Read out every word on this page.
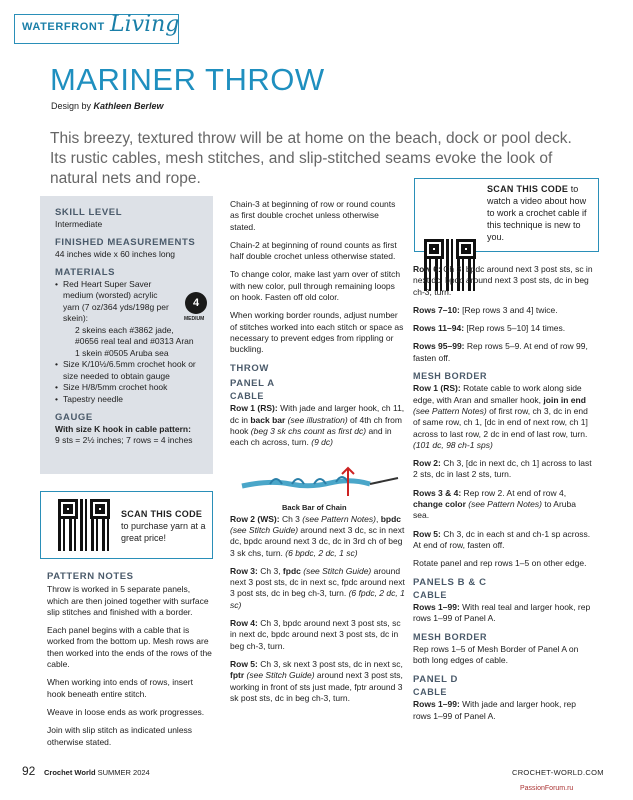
WATERFRONT Living
MARINER THROW
Design by Kathleen Berlew
This breezy, textured throw will be at home on the beach, dock or pool deck. Its rustic cables, mesh stitches, and slip-stitched seams evoke the look of natural nets and rope.
SKILL LEVEL
Intermediate
FINISHED MEASUREMENTS
44 inches wide x 60 inches long
MATERIALS
• Red Heart Super Saver medium (worsted) acrylic yarn (7 oz/364 yds/198g per skein):
2 skeins each #3862 jade, #0656 real teal and #0313 Aran
1 skein #0505 Aruba sea
• Size K/10½/6.5mm crochet hook or size needed to obtain gauge
• Size H/8/5mm crochet hook
• Tapestry needle
GAUGE
With size K hook in cable pattern:
9 sts = 2½ inches; 7 rows = 4 inches
4
MEDIUM
SCAN THIS CODE
to purchase yarn at a great price!
PATTERN NOTES

Throw is worked in 5 separate panels, which are then joined together with surface slip stitches and finished with a border.

Each panel begins with a cable that is worked from the bottom up. Mesh rows are then worked into the ends of the rows of the cable.

When working into ends of rows, insert hook beneath entire stitch.

Weave in loose ends as work progresses.

Join with slip stitch as indicated unless otherwise stated.

Chain-3 at beginning of row or round counts as first double crochet unless otherwise stated.

Chain-2 at beginning of round counts as first half double crochet unless otherwise stated.

To change color, make last yarn over of stitch with new color, pull through remaining loops on hook. Fasten off old color.

When working border rounds, adjust number of stitches worked into each stitch or space as necessary to prevent edges from rippling or buckling.

THROW
PANEL A
CABLE

Row 1 (RS): With jade and larger hook, ch 11, dc in back bar (see illustration) of 4th ch from hook (beg 3 sk chs count as first dc) and in each ch across, turn. (9 dc)

Back Bar of Chain

Row 2 (WS): Ch 3 (see Pattern Notes), bpdc (see Stitch Guide) around next 3 dc, sc in next dc, bpdc around next 3 dc, dc in 3rd ch of beg 3 sk chs, turn. (6 bpdc, 2 dc, 1 sc)

Row 3: Ch 3, fpdc (see Stitch Guide) around next 3 post sts, dc in next sc, fpdc around next 3 post sts, dc in beg ch-3, turn. (6 fpdc, 2 dc, 1 sc)

Row 4: Ch 3, bpdc around next 3 post sts, sc in next dc, bpdc around next 3 post sts, dc in beg ch-3, turn.

Row 5: Ch 3, sk next 3 post sts, dc in next sc, fptr (see Stitch Guide) around next 3 post sts, working in front of sts just made, fptr around 3 sk post sts, dc in beg ch-3, turn.

SCAN THIS CODE to watch a video about how to work a crochet cable if this technique is new to you.

Row 6: Ch 3, bpdc around next 3 post sts, sc in next dc, bpdc around next 3 post sts, dc in beg ch-3, turn.

Rows 7–10: [Rep rows 3 and 4] twice.

Rows 11–94: [Rep rows 5–10] 14 times.

Rows 95–99: Rep rows 5–9. At end of row 99, fasten off.

MESH BORDER

Row 1 (RS): Rotate cable to work along side edge, with Aran and smaller hook, join in end (see Pattern Notes) of first row, ch 3, dc in end of same row, ch 1, [dc in end of next row, ch 1] across to last row, 2 dc in end of last row, turn. (101 dc, 98 ch-1 sps)

Row 2: Ch 3, [dc in next dc, ch 1] across to last 2 sts, dc in last 2 sts, turn.

Rows 3 & 4: Rep row 2. At end of row 4, change color (see Pattern Notes) to Aruba sea.

Row 5: Ch 3, dc in each st and ch-1 sp across. At end of row, fasten off.

Rotate panel and rep rows 1–5 on other edge.

PANELS B & C
CABLE

Rows 1–99: With real teal and larger hook, rep rows 1–99 of Panel A.

MESH BORDER

Rep rows 1–5 of Mesh Border of Panel A on both long edges of cable.

PANEL D
CABLE

Rows 1–99: With jade and larger hook, rep rows 1–99 of Panel A.

92 Crochet World SUMMER 2024	CROCHET-WORLD.COM
PassionForum.ru
